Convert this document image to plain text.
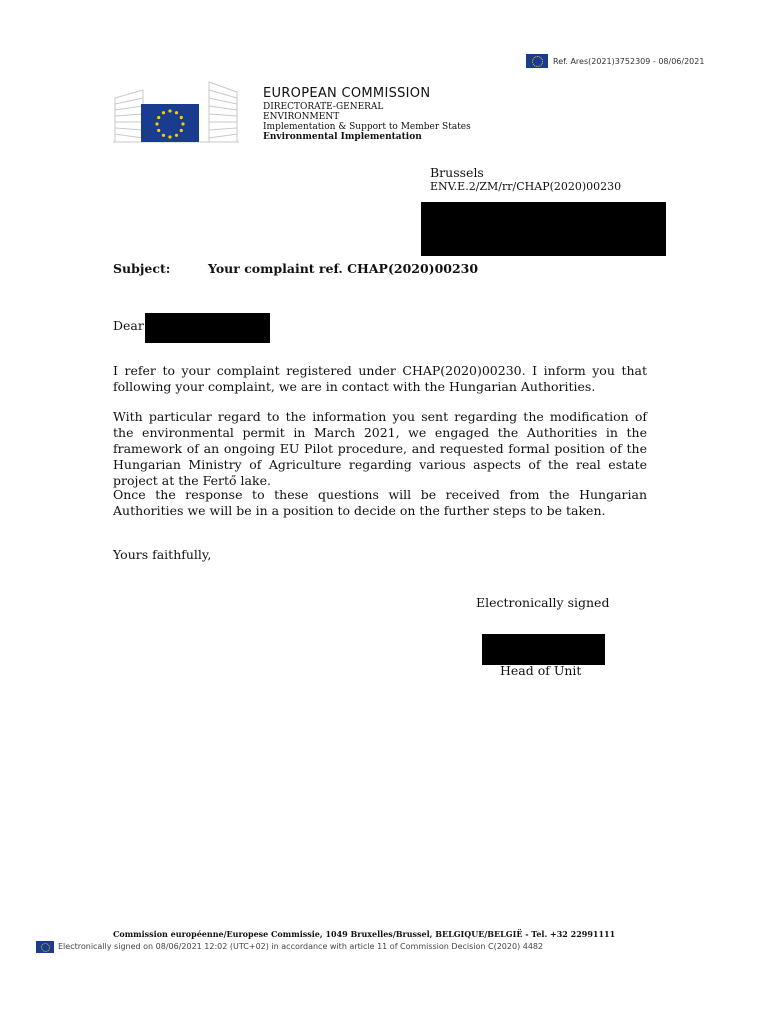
Ref. Ares(2021)3752309 - 08/06/2021
EUROPEAN COMMISSION
DIRECTORATE-GENERAL
ENVIRONMENT
Implementation & Support to Member States
Environmental Implementation
Brussels
ENV.E.2/ZM/rr/CHAP(2020)00230
Subject:	Your complaint ref. CHAP(2020)00230
Dear
I refer to your complaint registered under CHAP(2020)00230. I inform you that following your complaint, we are in contact with the Hungarian Authorities.
With particular regard to the information you sent regarding the modification of the environmental permit in March 2021, we engaged the Authorities in the framework of an ongoing EU Pilot procedure, and requested formal position of the Hungarian Ministry of Agriculture regarding various aspects of the real estate project at the Fertő lake.
Once the response to these questions will be received from the Hungarian Authorities we will be in a position to decide on the further steps to be taken.
Yours faithfully,
Electronically signed
Head of Unit
Commission européenne/Europese Commissie, 1049 Bruxelles/Brussel, BELGIQUE/BELGIË - Tel. +32 22991111
Electronically signed on 08/06/2021 12:02 (UTC+02) in accordance with article 11 of Commission Decision C(2020) 4482
